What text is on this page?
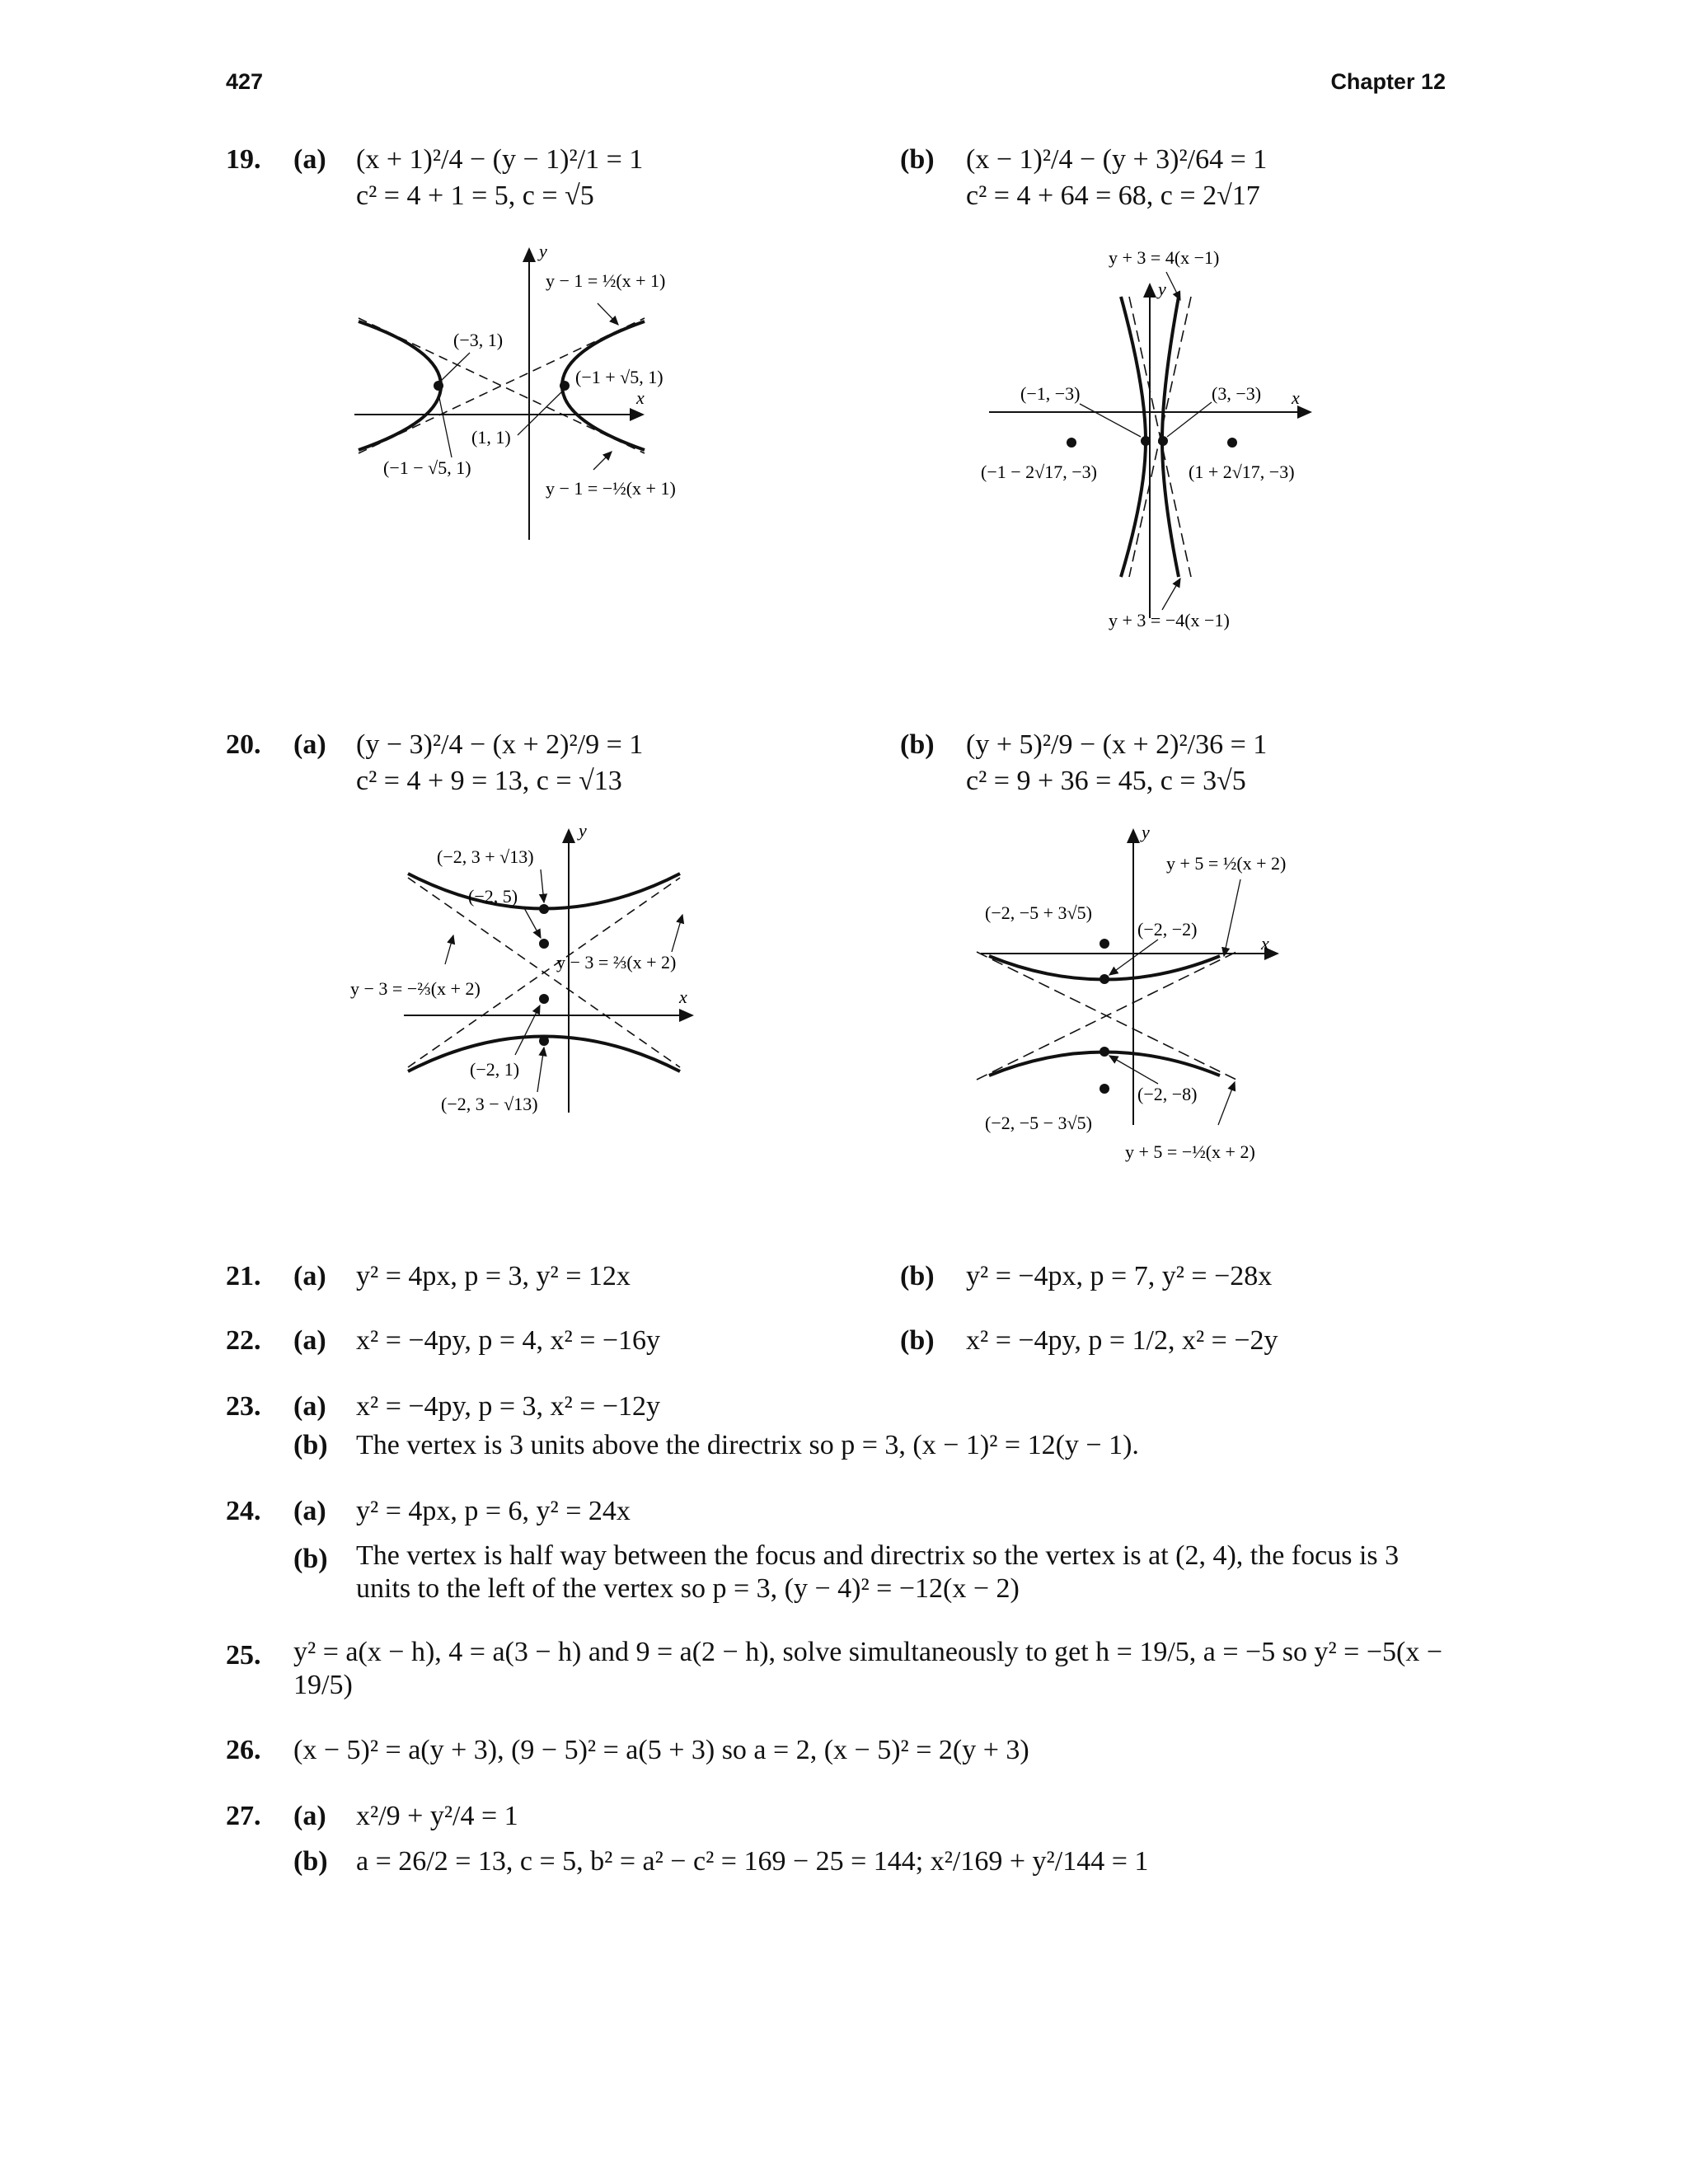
427	Chapter 12
19. (a) (x + 1)²/4 − (y − 1)²/1 = 1
c² = 4 + 1 = 5, c = √5
(b) (x − 1)²/4 − (y + 3)²/64 = 1
c² = 4 + 64 = 68, c = 2√17
x
y
(−3, 1)
(−1 + √5, 1)
y − 1 = ½(x + 1)
(1, 1)
(−1 − √5, 1)
y − 1 = −½(x + 1)
x
y
y + 3 = 4(x −1)
(−1, −3)	(3, −3)
(−1 − 2√17, −3)	(1 + 2√17, −3)
y + 3 = −4(x −1)
20. (a) (y − 3)²/4 − (x + 2)²/9 = 1
c² = 4 + 9 = 13, c = √13
(b) (y + 5)²/9 − (x + 2)²/36 = 1
c² = 9 + 36 = 45, c = 3√5
x
y
(−2, 3 + √13)
(−2, 5)
y − 3 = ⅔(x + 2)
y − 3 = −⅔(x + 2)
(−2, 1)
(−2, 3 − √13)
x
y
y + 5 = ½(x + 2)
(−2, −5 + 3√5)
(−2, −2)
(−2, −8)
(−2, −5 − 3√5)
y + 5 = −½(x + 2)
21. (a) y² = 4px, p = 3, y² = 12x	(b) y² = −4px, p = 7, y² = −28x
22. (a) x² = −4py, p = 4, x² = −16y	(b) x² = −4py, p = 1/2, x² = −2y
23. (a) x² = −4py, p = 3, x² = −12y
(b) The vertex is 3 units above the directrix so p = 3, (x − 1)² = 12(y − 1).
24. (a) y² = 4px, p = 6, y² = 24x
(b) The vertex is half way between the focus and directrix so the vertex is at (2, 4), the focus is 3 units to the left of the vertex so p = 3, (y − 4)² = −12(x − 2)
25. y² = a(x − h), 4 = a(3 − h) and 9 = a(2 − h), solve simultaneously to get h = 19/5, a = −5 so y² = −5(x − 19/5)
26. (x − 5)² = a(y + 3), (9 − 5)² = a(5 + 3) so a = 2, (x − 5)² = 2(y + 3)
27. (a) x²/9 + y²/4 = 1
(b) a = 26/2 = 13, c = 5, b² = a² − c² = 169 − 25 = 144; x²/169 + y²/144 = 1
